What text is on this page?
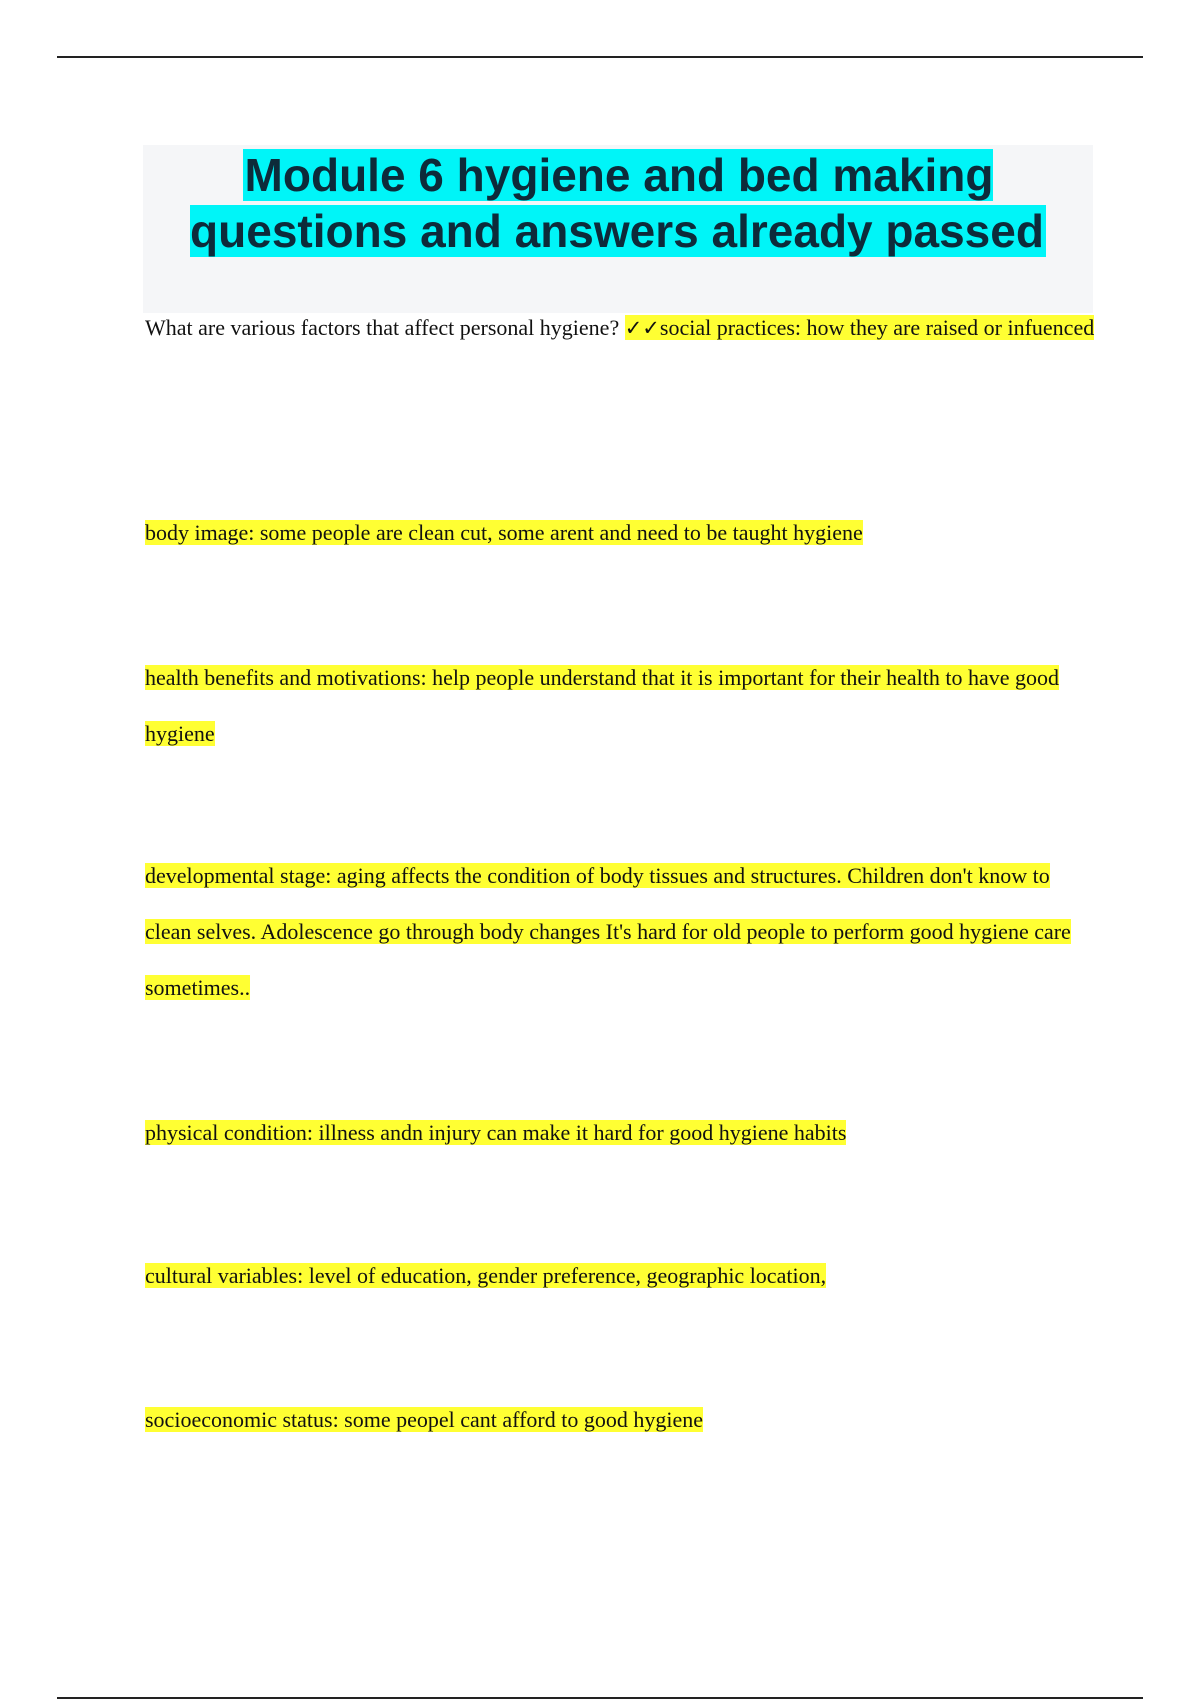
Module 6 hygiene and bed making questions and answers already passed

What are various factors that affect personal hygiene? ✓✓social practices: how they are raised or infuenced

body image: some people are clean cut, some arent and need to be taught hygiene

health benefits and motivations: help people understand that it is important for their health to have good hygiene

developmental stage: aging affects the condition of body tissues and structures. Children don't know to clean selves. Adolescence go through body changes It's hard for old people to perform good hygiene care sometimes..

physical condition: illness andn injury can make it hard for good hygiene habits

cultural variables: level of education, gender preference, geographic location,

socioeconomic status: some peopel cant afford to good hygiene
